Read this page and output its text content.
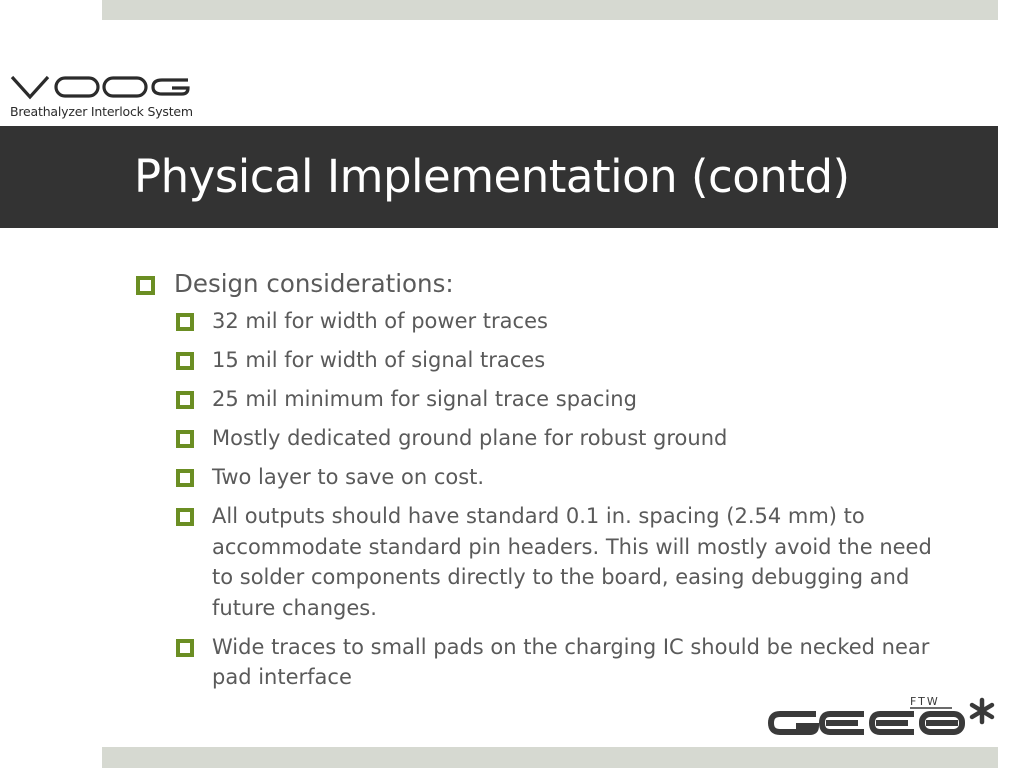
Breathalyzer Interlock System
Physical Implementation (contd)
Design considerations:
32 mil for width of power traces
15 mil for width of signal traces
25 mil minimum for signal trace spacing
Mostly dedicated ground plane for robust ground
Two layer to save on cost.
All outputs should have standard 0.1 in. spacing (2.54 mm) to accommodate standard pin headers. This will mostly avoid the need to solder components directly to the board, easing debugging and future changes.
Wide traces to small pads on the charging IC should be necked near pad interface
FTW
